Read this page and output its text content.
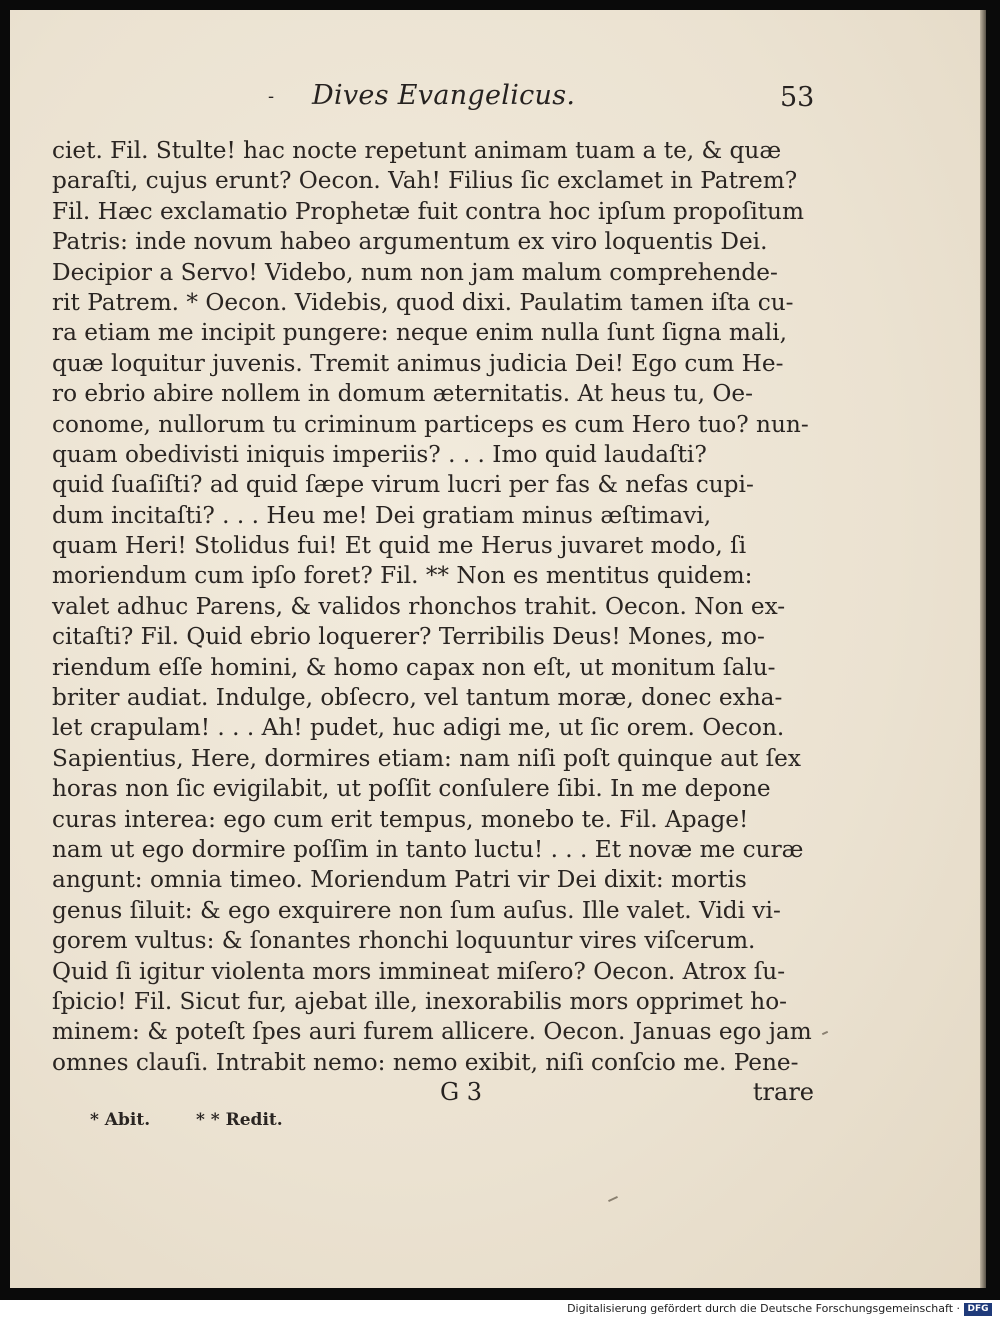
- Dives Evangelicus.	53
ciet. Fil. Stulte! hac nocte repetunt animam tuam a te, & quæ
paraſti, cujus erunt? Oecon. Vah! Filius ſic exclamet in Patrem?
Fil. Hæc exclamatio Prophetæ fuit contra hoc ipſum propoſitum
Patris: inde novum habeo argumentum ex viro loquentis Dei.
Decipior a Servo! Videbo, num non jam malum comprehende-
rit Patrem. * Oecon. Videbis, quod dixi. Paulatim tamen iſta cu-
ra etiam me incipit pungere: neque enim nulla ſunt ſigna mali,
quæ loquitur juvenis. Tremit animus judicia Dei! Ego cum He-
ro ebrio abire nollem in domum æternitatis. At heus tu, Oe-
conome, nullorum tu criminum particeps es cum Hero tuo? nun-
quam obedivisti iniquis imperiis? . . . Imo quid laudaſti?
quid ſuaſiſti? ad quid ſæpe virum lucri per fas & nefas cupi-
dum incitaſti? . . . Heu me! Dei gratiam minus æſtimavi,
quam Heri! Stolidus fui! Et quid me Herus juvaret modo, ſi
moriendum cum ipſo foret? Fil. ** Non es mentitus quidem:
valet adhuc Parens, & validos rhonchos trahit. Oecon. Non ex-
citaſti? Fil. Quid ebrio loquerer? Terribilis Deus! Mones, mo-
riendum eſſe homini, & homo capax non eſt, ut monitum ſalu-
briter audiat. Indulge, obſecro, vel tantum moræ, donec exha-
let crapulam! . . . Ah! pudet, huc adigi me, ut ſic orem. Oecon.
Sapientius, Here, dormires etiam: nam niſi poſt quinque aut ſex
horas non ſic evigilabit, ut poſſit conſulere ſibi. In me depone
curas interea: ego cum erit tempus, monebo te. Fil. Apage!
nam ut ego dormire poſſim in tanto luctu! . . . Et novæ me curæ
angunt: omnia timeo. Moriendum Patri vir Dei dixit: mortis
genus ſiluit: & ego exquirere non ſum auſus. Ille valet. Vidi vi-
gorem vultus: & ſonantes rhonchi loquuntur vires viſcerum.
Quid ſi igitur violenta mors immineat miſero? Oecon. Atrox ſu-
ſpicio! Fil. Sicut fur, ajebat ille, inexorabilis mors opprimet ho-
minem: & poteſt ſpes auri furem allicere. Oecon. Januas ego jam
omnes clauſi. Intrabit nemo: nemo exibit, niſi conſcio me. Pene-
G 3	trare
* Abit.	* * Redit.
Digitalisierung gefördert durch die Deutsche Forschungsgemeinschaft · DFG
